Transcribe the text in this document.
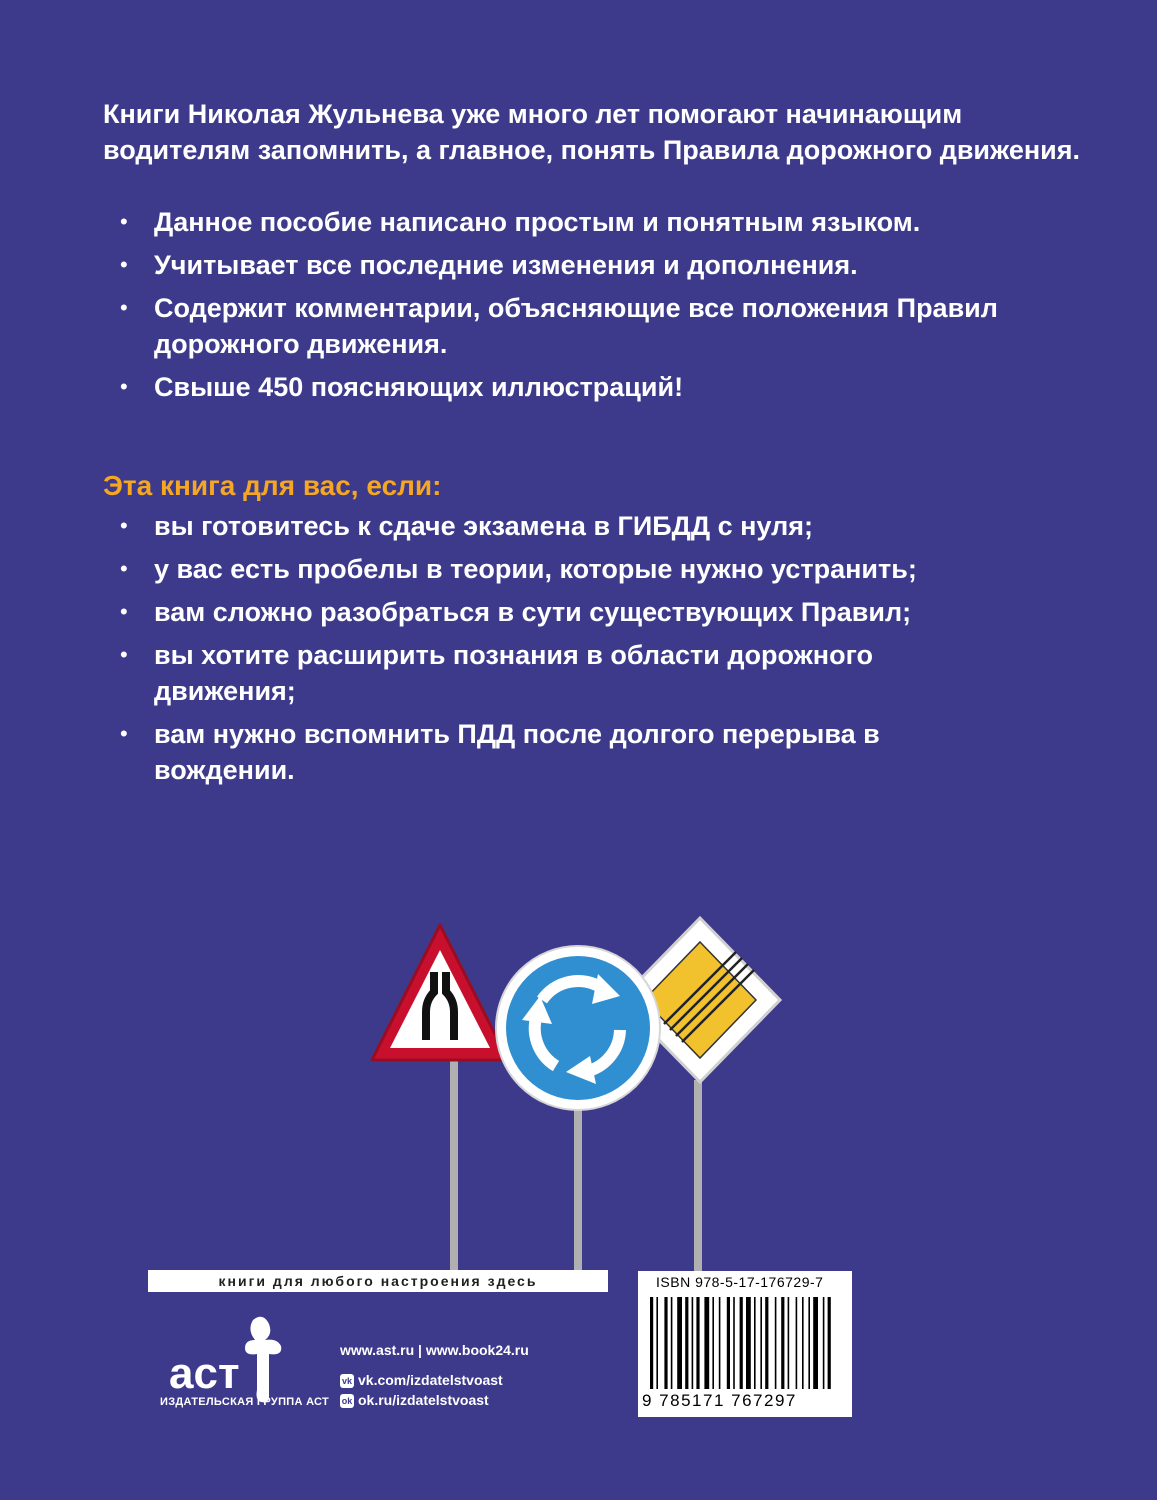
Книги Николая Жульнева уже много лет помогают начинающим водителям запомнить, а главное, понять Правила дорожного движения.

• Данное пособие написано простым и понятным языком.
• Учитывает все последние изменения и дополнения.
• Содержит комментарии, объясняющие все положения Правил дорожного движения.
• Свыше 450 поясняющих иллюстраций!
Эта книга для вас, если:
• вы готовитесь к сдаче экзамена в ГИБДД с нуля;
• у вас есть пробелы в теории, которые нужно устранить;
• вам сложно разобраться в сути существующих Правил;
• вы хотите расширить познания в области дорожного движения;
• вам нужно вспомнить ПДД после долгого перерыва в вождении.
книги для любого настроения здесь
аст
ИЗДАТЕЛЬСКАЯ ГРУППА АСТ
www.ast.ru | www.book24.ru
vk vk.com/izdatelstvoast
ok ok.ru/izdatelstvoast
ISBN 978-5-17-176729-7
9 785171 767297
